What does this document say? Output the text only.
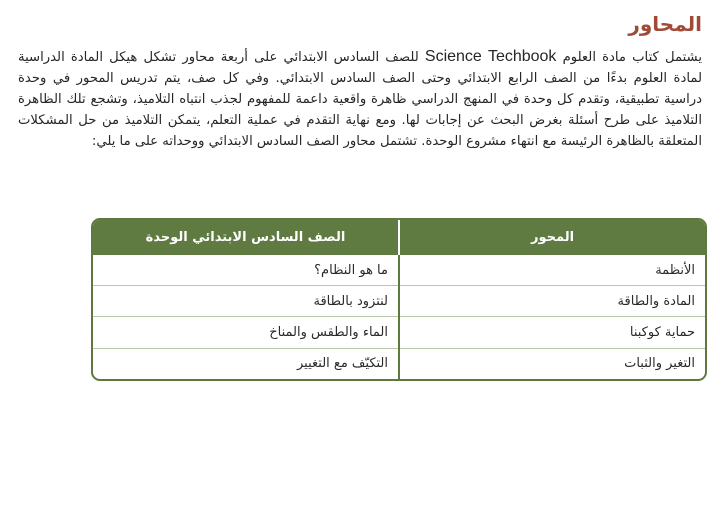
المحاور

يشتمل كتاب مادة العلوم Science Techbook للصف السادس الابتدائي على أربعة محاور تشكل هيكل المادة الدراسية لمادة العلوم بدءًا من الصف الرابع الابتدائي وحتى الصف السادس الابتدائي. وفي كل صف، يتم تدريس المحور في وحدة دراسية تطبيقية، وتقدم كل وحدة في المنهج الدراسي ظاهرة واقعية داعمة للمفهوم لجذب انتباه التلاميذ، وتشجع تلك الظاهرة التلاميذ على طرح أسئلة بغرض البحث عن إجابات لها. ومع نهاية التقدم في عملية التعلم، يتمكن التلاميذ من حل المشكلات المتعلقة بالظاهرة الرئيسة مع انتهاء مشروع الوحدة. تشتمل محاور الصف السادس الابتدائي ووحداته على ما يلي:

المحور	الصف السادس الابتدائي الوحدة
الأنظمة	ما هو النظام؟
المادة والطاقة	لنتزود بالطاقة
حماية كوكبنا	الماء والطقس والمناخ
التغير والثبات	التكيّف مع التغيير
